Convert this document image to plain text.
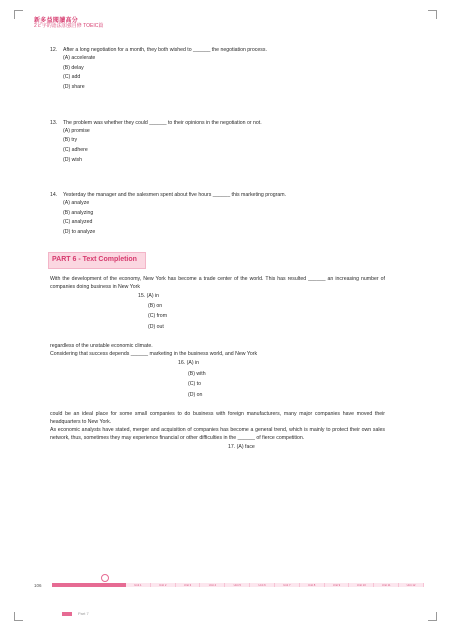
新多益閱讀高分
2ビ字的語法加強自修 TOEIC篇
12.	After a long negotiation for a month, they both wished to ______ the negotiation process.
(A) accelerate
(B) delay
(C) add
(D) share
13.	The problem was whether they could ______ to their opinions in the negotiation or not.
(A) promise
(B) try
(C) adhere
(D) wish
14.	Yesterday the manager and the salesmen spent about five hours ______ this marketing program.
(A) analyze
(B) analyzing
(C) analyzed
(D) to analyze
PART 6 - Text Completion
With the development of the economy, New York has become a trade center of the world. This has resulted ______ an increasing number of companies doing business in New York
15. (A) in
(B) on
(C) from
(D) out
regardless of the unstable economic climate.
Considering that success depends ______ marketing in the business world, and New York
16. (A) in
(B) with
(C) to
(D) on
could be an ideal place for some small companies to do business with foreign manufacturers, many major companies have moved their headquarters to New York.
As economic analysts have stated, merger and acquisition of companies has become a general trend, which is mainly to protect their own sales network, thus, sometimes they may experience financial or other difficulties in the ______ of fierce competition.
17. (A) face
106	Unit 1	Unit 2	Unit 3	Unit 4	Unit 5	Unit 6	Unit 7	Unit 8	Unit 9	Unit 10	Unit 11	Unit 12
Part 7
